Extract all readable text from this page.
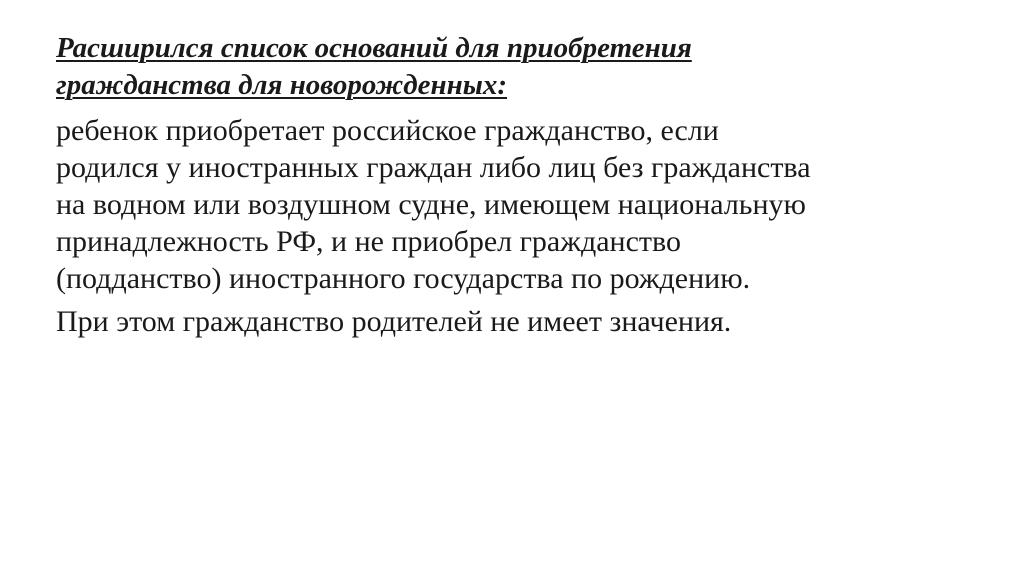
Расширился список оснований для приобретения
гражданства для новорожденных:
ребенок приобретает российское гражданство, если
родился у иностранных граждан либо лиц без гражданства
на водном или воздушном судне, имеющем национальную
принадлежность РФ, и не приобрел гражданство
(подданство) иностранного государства по рождению.
При этом гражданство родителей не имеет значения.
